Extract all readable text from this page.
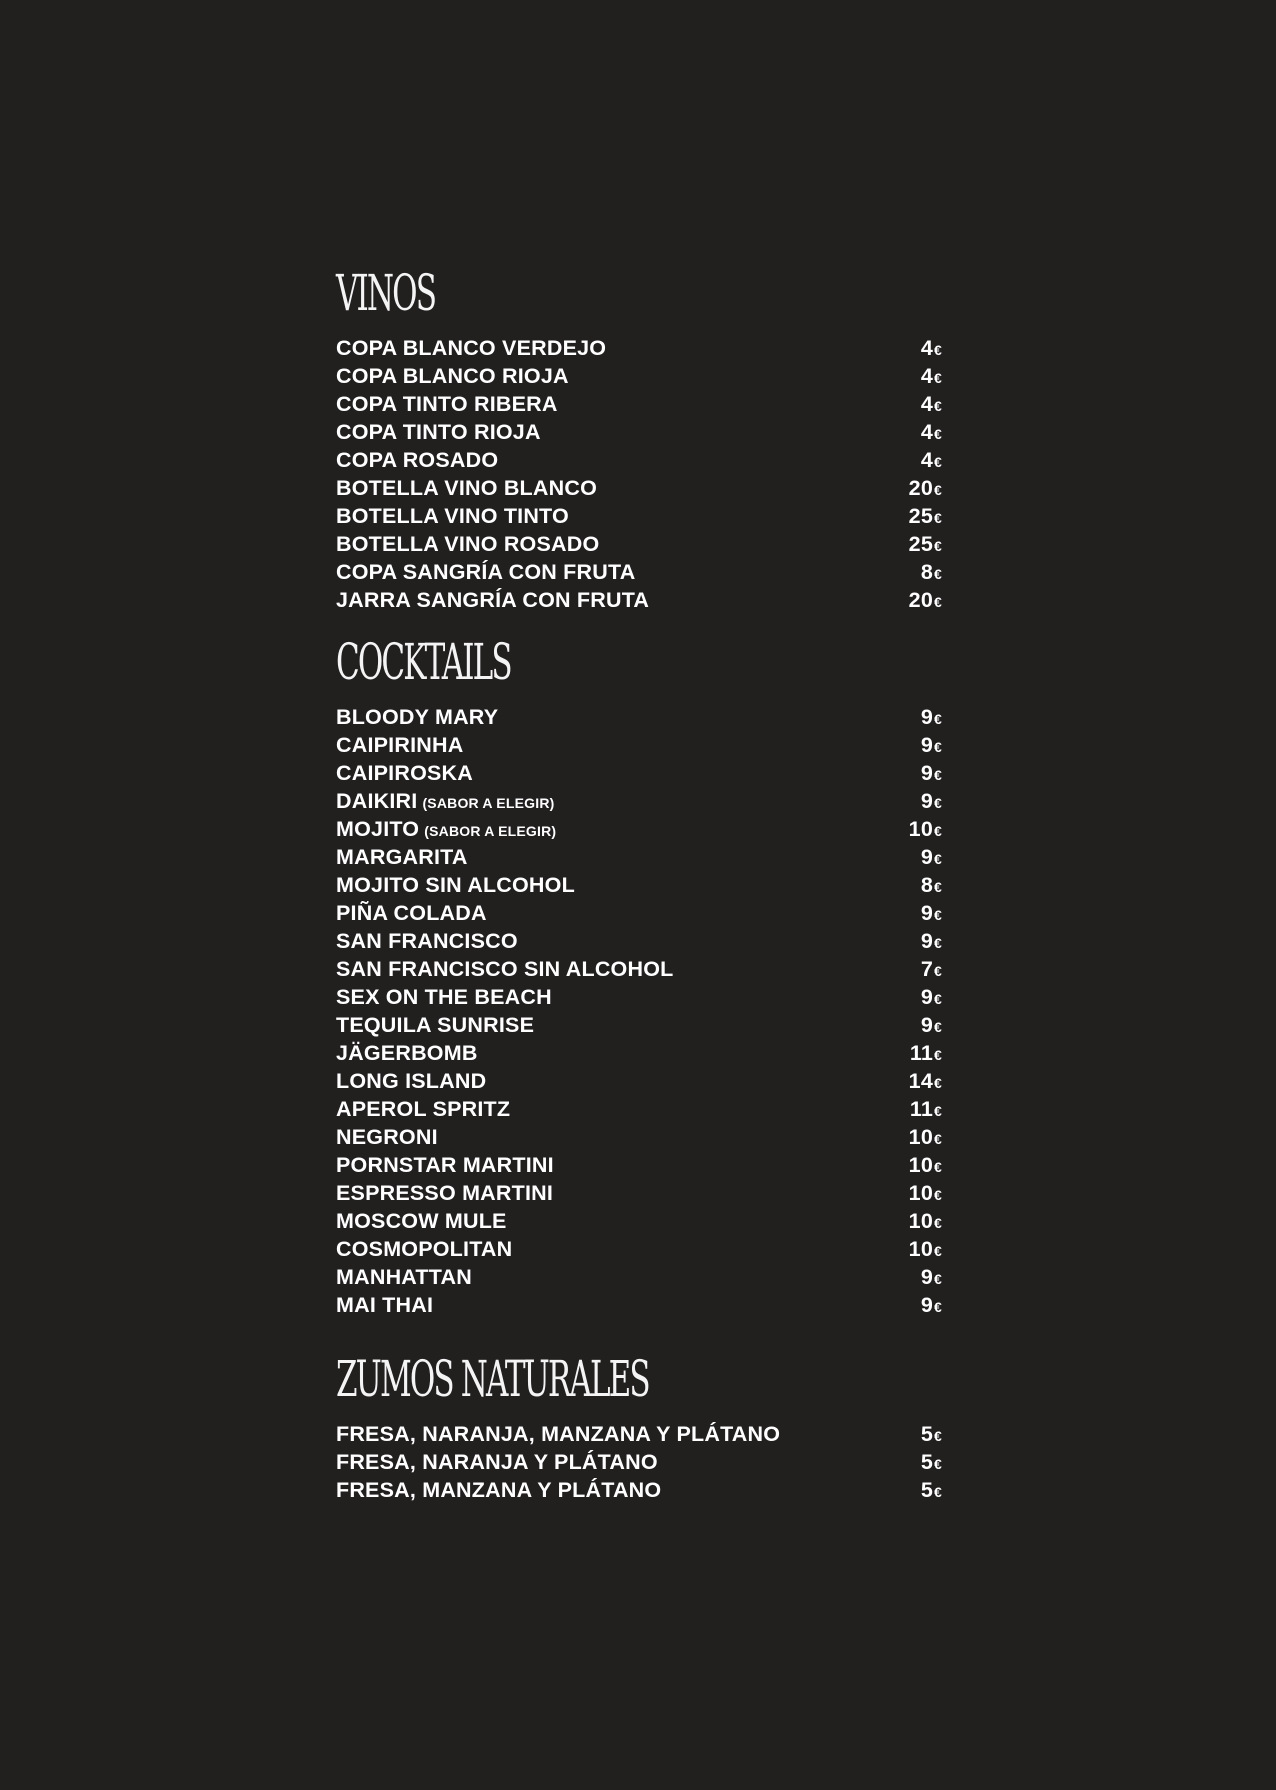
VINOS
COPA BLANCO VERDEJO	4€
COPA BLANCO RIOJA	4€
COPA TINTO RIBERA	4€
COPA TINTO RIOJA	4€
COPA ROSADO	4€
BOTELLA VINO BLANCO	20€
BOTELLA VINO TINTO	25€
BOTELLA VINO ROSADO	25€
COPA SANGRÍA CON FRUTA	8€
JARRA SANGRÍA CON FRUTA	20€
COCKTAILS
BLOODY MARY	9€
CAIPIRINHA	9€
CAIPIROSKA	9€
DAIKIRI (SABOR A ELEGIR)	9€
MOJITO (SABOR A ELEGIR)	10€
MARGARITA	9€
MOJITO SIN ALCOHOL	8€
PIÑA COLADA	9€
SAN FRANCISCO	9€
SAN FRANCISCO SIN ALCOHOL	7€
SEX ON THE BEACH	9€
TEQUILA SUNRISE	9€
JÄGERBOMB	11€
LONG ISLAND	14€
APEROL SPRITZ	11€
NEGRONI	10€
PORNSTAR MARTINI	10€
ESPRESSO MARTINI	10€
MOSCOW MULE	10€
COSMOPOLITAN	10€
MANHATTAN	9€
MAI THAI	9€
ZUMOS NATURALES
FRESA, NARANJA, MANZANA Y PLÁTANO	5€
FRESA, NARANJA Y PLÁTANO	5€
FRESA, MANZANA Y PLÁTANO	5€
